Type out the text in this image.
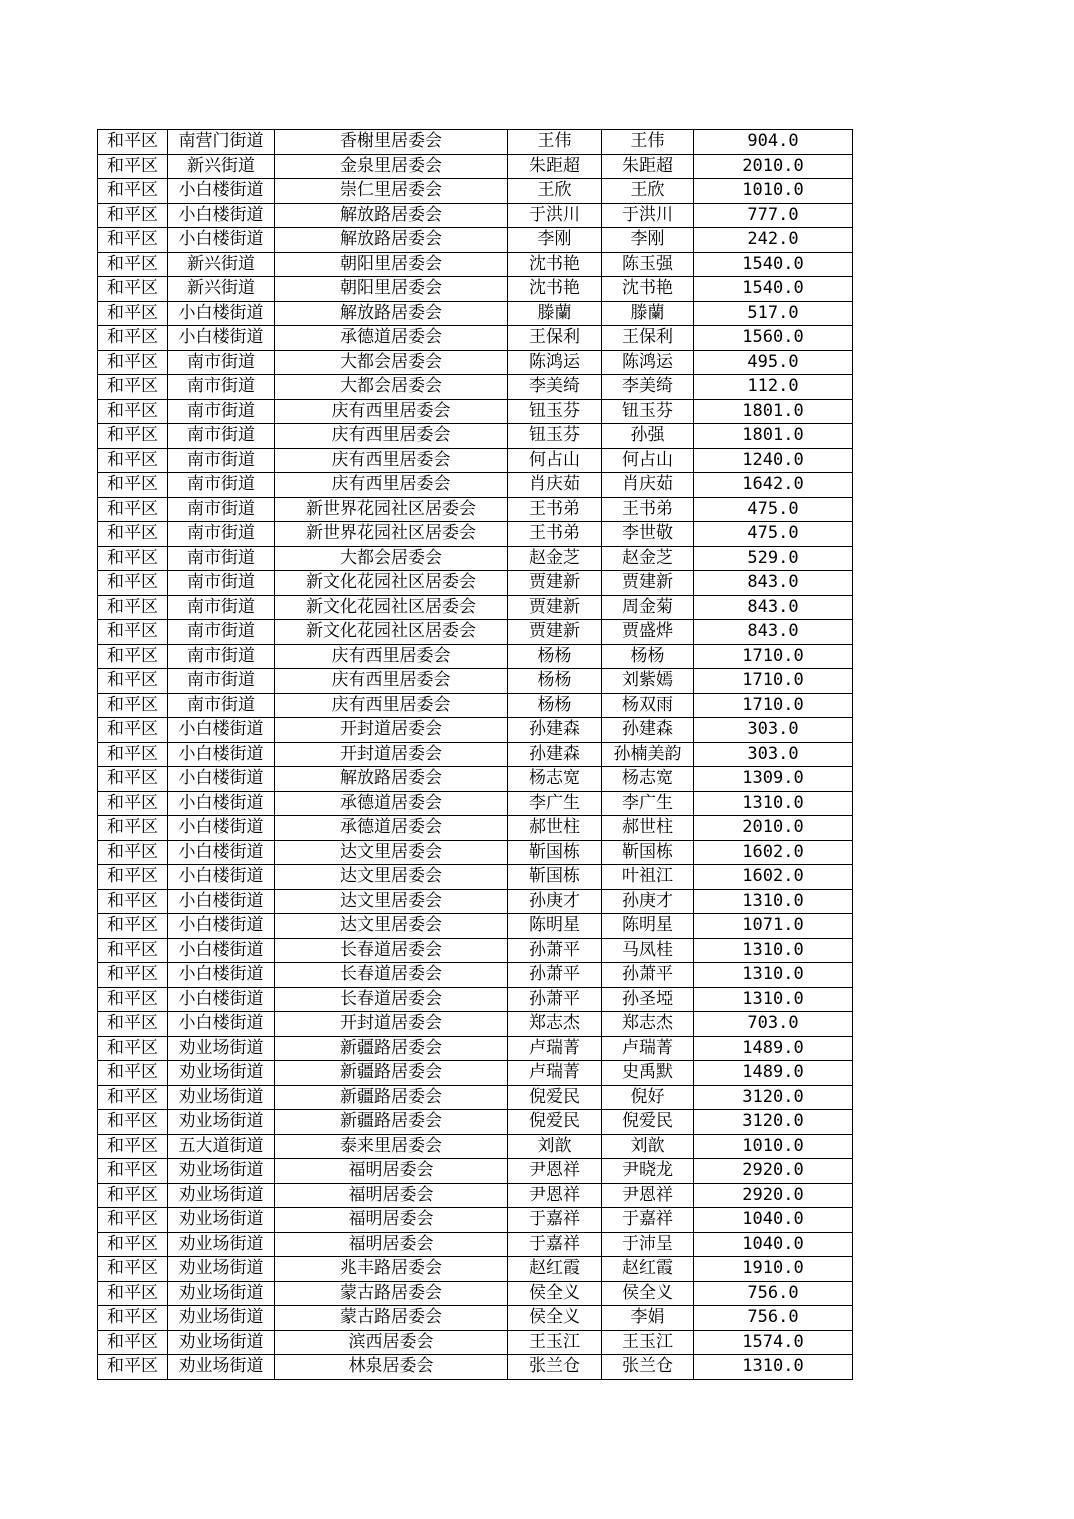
和平区	南营门街道	香榭里居委会	王伟	王伟	904.0
和平区	新兴街道	金泉里居委会	朱距超	朱距超	2010.0
和平区	小白楼街道	崇仁里居委会	王欣	王欣	1010.0
和平区	小白楼街道	解放路居委会	于洪川	于洪川	777.0
和平区	小白楼街道	解放路居委会	李刚	李刚	242.0
和平区	新兴街道	朝阳里居委会	沈书艳	陈玉强	1540.0
和平区	新兴街道	朝阳里居委会	沈书艳	沈书艳	1540.0
和平区	小白楼街道	解放路居委会	滕蘭	滕蘭	517.0
和平区	小白楼街道	承德道居委会	王保利	王保利	1560.0
和平区	南市街道	大都会居委会	陈鸿运	陈鸿运	495.0
和平区	南市街道	大都会居委会	李美绮	李美绮	112.0
和平区	南市街道	庆有西里居委会	钮玉芬	钮玉芬	1801.0
和平区	南市街道	庆有西里居委会	钮玉芬	孙强	1801.0
和平区	南市街道	庆有西里居委会	何占山	何占山	1240.0
和平区	南市街道	庆有西里居委会	肖庆茹	肖庆茹	1642.0
和平区	南市街道	新世界花园社区居委会	王书弟	王书弟	475.0
和平区	南市街道	新世界花园社区居委会	王书弟	李世敬	475.0
和平区	南市街道	大都会居委会	赵金芝	赵金芝	529.0
和平区	南市街道	新文化花园社区居委会	贾建新	贾建新	843.0
和平区	南市街道	新文化花园社区居委会	贾建新	周金菊	843.0
和平区	南市街道	新文化花园社区居委会	贾建新	贾盛烨	843.0
和平区	南市街道	庆有西里居委会	杨杨	杨杨	1710.0
和平区	南市街道	庆有西里居委会	杨杨	刘紫嫣	1710.0
和平区	南市街道	庆有西里居委会	杨杨	杨双雨	1710.0
和平区	小白楼街道	开封道居委会	孙建森	孙建森	303.0
和平区	小白楼街道	开封道居委会	孙建森	孙楠美韵	303.0
和平区	小白楼街道	解放路居委会	杨志宽	杨志宽	1309.0
和平区	小白楼街道	承德道居委会	李广生	李广生	1310.0
和平区	小白楼街道	承德道居委会	郝世柱	郝世柱	2010.0
和平区	小白楼街道	达文里居委会	靳国栋	靳国栋	1602.0
和平区	小白楼街道	达文里居委会	靳国栋	叶祖江	1602.0
和平区	小白楼街道	达文里居委会	孙庚才	孙庚才	1310.0
和平区	小白楼街道	达文里居委会	陈明星	陈明星	1071.0
和平区	小白楼街道	长春道居委会	孙萧平	马凤桂	1310.0
和平区	小白楼街道	长春道居委会	孙萧平	孙萧平	1310.0
和平区	小白楼街道	长春道居委会	孙萧平	孙圣埡	1310.0
和平区	小白楼街道	开封道居委会	郑志杰	郑志杰	703.0
和平区	劝业场街道	新疆路居委会	卢瑞菁	卢瑞菁	1489.0
和平区	劝业场街道	新疆路居委会	卢瑞菁	史禹默	1489.0
和平区	劝业场街道	新疆路居委会	倪爱民	倪好	3120.0
和平区	劝业场街道	新疆路居委会	倪爱民	倪爱民	3120.0
和平区	五大道街道	泰来里居委会	刘歆	刘歆	1010.0
和平区	劝业场街道	福明居委会	尹恩祥	尹晓龙	2920.0
和平区	劝业场街道	福明居委会	尹恩祥	尹恩祥	2920.0
和平区	劝业场街道	福明居委会	于嘉祥	于嘉祥	1040.0
和平区	劝业场街道	福明居委会	于嘉祥	于沛呈	1040.0
和平区	劝业场街道	兆丰路居委会	赵红霞	赵红霞	1910.0
和平区	劝业场街道	蒙古路居委会	侯全义	侯全义	756.0
和平区	劝业场街道	蒙古路居委会	侯全义	李娟	756.0
和平区	劝业场街道	滨西居委会	王玉江	王玉江	1574.0
和平区	劝业场街道	林泉居委会	张兰仓	张兰仓	1310.0
